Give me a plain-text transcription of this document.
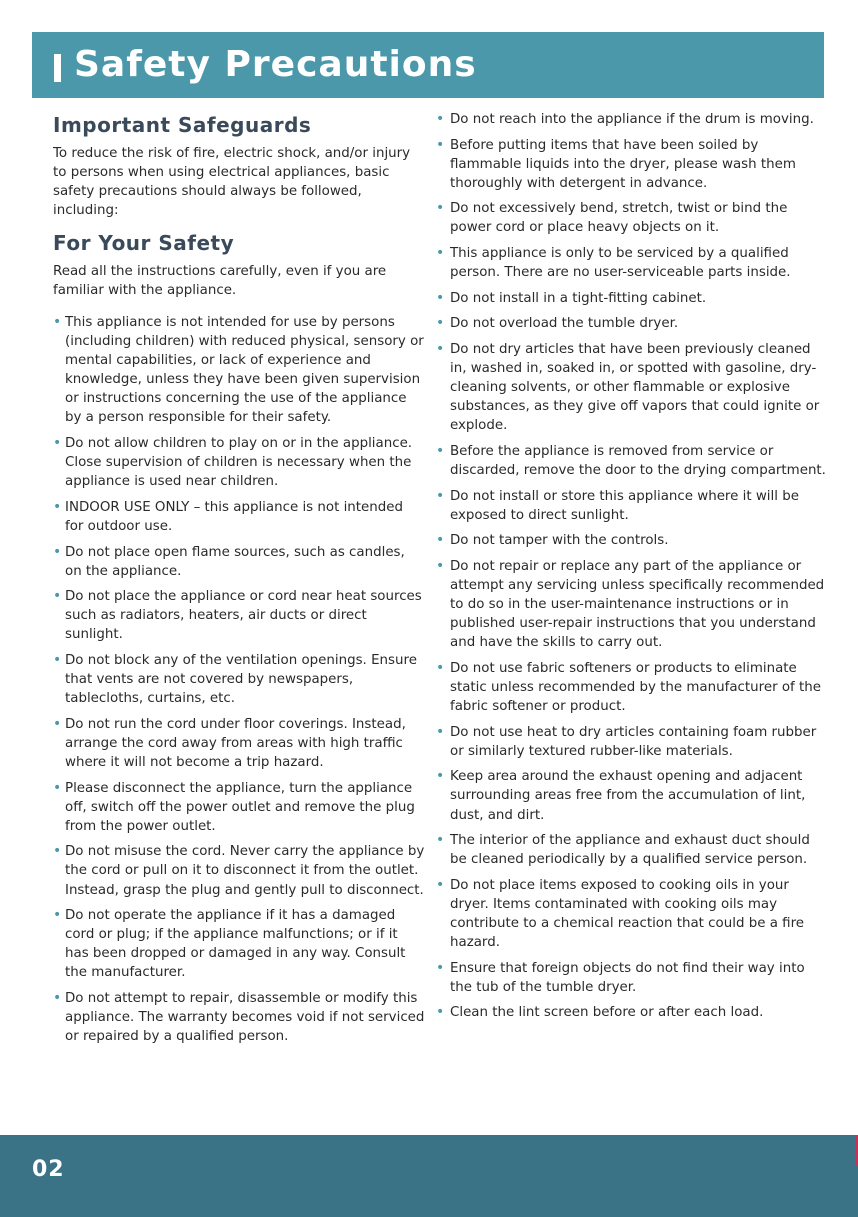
Safety Precautions
Important Safeguards

To reduce the risk of fire, electric shock, and/or injury to persons when using electrical appliances, basic safety precautions should always be followed, including:

For Your Safety

Read all the instructions carefully, even if you are familiar with the appliance.

• This appliance is not intended for use by persons (including children) with reduced physical, sensory or mental capabilities, or lack of experience and knowledge, unless they have been given supervision or instructions concerning the use of the appliance by a person responsible for their safety.
• Do not allow children to play on or in the appliance. Close supervision of children is necessary when the appliance is used near children.
• INDOOR USE ONLY – this appliance is not intended for outdoor use.
• Do not place open flame sources, such as candles, on the appliance.
• Do not place the appliance or cord near heat sources such as radiators, heaters, air ducts or direct sunlight.
• Do not block any of the ventilation openings. Ensure that vents are not covered by newspapers, tablecloths, curtains, etc.
• Do not run the cord under floor coverings. Instead, arrange the cord away from areas with high traffic where it will not become a trip hazard.
• Please disconnect the appliance, turn the appliance off, switch off the power outlet and remove the plug from the power outlet.
• Do not misuse the cord. Never carry the appliance by the cord or pull on it to disconnect it from the outlet. Instead, grasp the plug and gently pull to disconnect.
• Do not operate the appliance if it has a damaged cord or plug; if the appliance malfunctions; or if it has been dropped or damaged in any way. Consult the manufacturer.
• Do not attempt to repair, disassemble or modify this appliance. The warranty becomes void if not serviced or repaired by a qualified person.
• Do not reach into the appliance if the drum is moving.
• Before putting items that have been soiled by flammable liquids into the dryer, please wash them thoroughly with detergent in advance.
• Do not excessively bend, stretch, twist or bind the power cord or place heavy objects on it.
• This appliance is only to be serviced by a qualified person. There are no user-serviceable parts inside.
• Do not install in a tight-fitting cabinet.
• Do not overload the tumble dryer.
• Do not dry articles that have been previously cleaned in, washed in, soaked in, or spotted with gasoline, dry-cleaning solvents, or other flammable or explosive substances, as they give off vapors that could ignite or explode.
• Before the appliance is removed from service or discarded, remove the door to the drying compartment.
• Do not install or store this appliance where it will be exposed to direct sunlight.
• Do not tamper with the controls.
• Do not repair or replace any part of the appliance or attempt any servicing unless specifically recommended to do so in the user-maintenance instructions or in published user-repair instructions that you understand and have the skills to carry out.
• Do not use fabric softeners or products to eliminate static unless recommended by the manufacturer of the fabric softener or product.
• Do not use heat to dry articles containing foam rubber or similarly textured rubber-like materials.
• Keep area around the exhaust opening and adjacent surrounding areas free from the accumulation of lint, dust, and dirt.
• The interior of the appliance and exhaust duct should be cleaned periodically by a qualified service person.
• Do not place items exposed to cooking oils in your dryer. Items contaminated with cooking oils may contribute to a chemical reaction that could be a fire hazard.
• Ensure that foreign objects do not find their way into the tub of the tumble dryer.
• Clean the lint screen before or after each load.
02
